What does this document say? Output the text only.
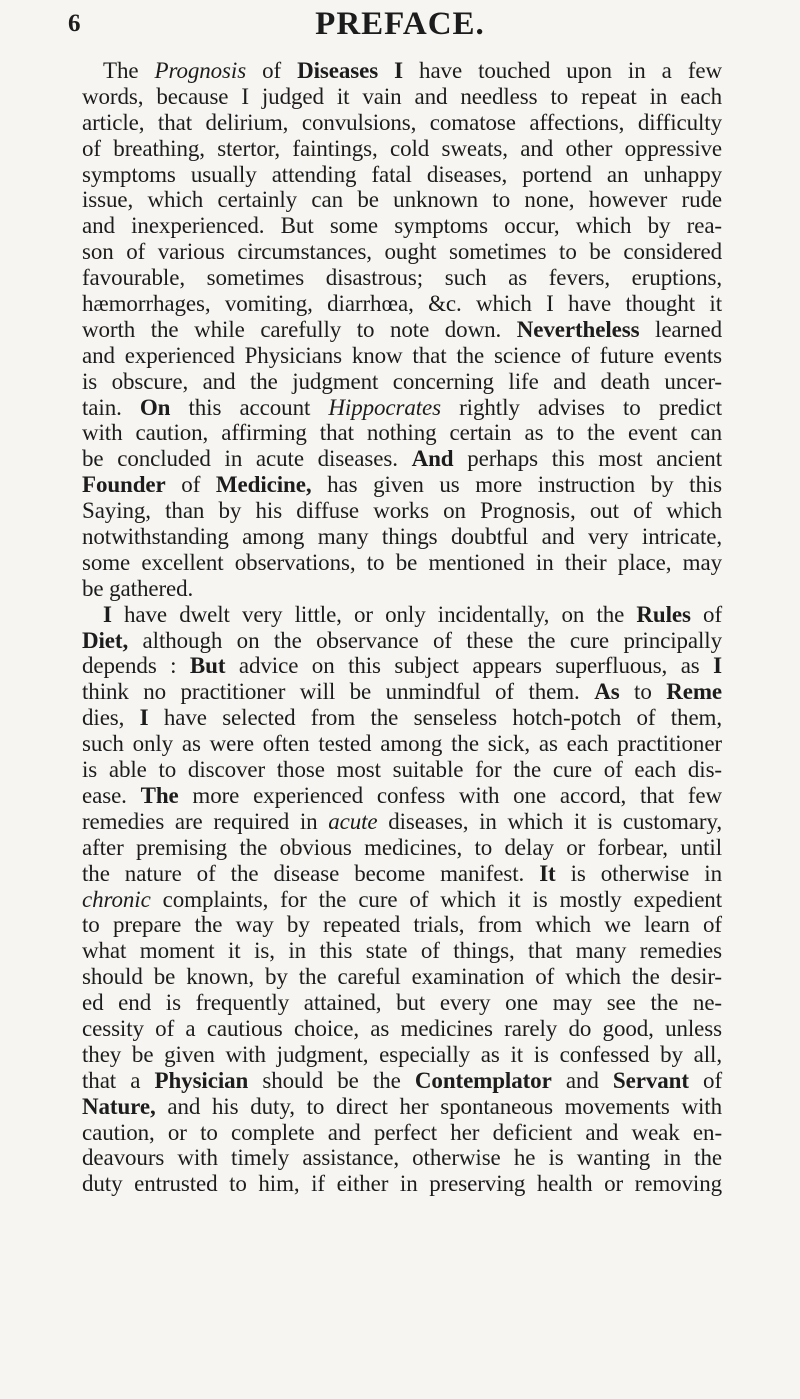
6	PREFACE.
The Prognosis of Diseases I have touched upon in a few
words, because I judged it vain and needless to repeat in each
article, that delirium, convulsions, comatose affections, difficulty
of breathing, stertor, faintings, cold sweats, and other oppressive
symptoms usually attending fatal diseases, portend an unhappy
issue, which certainly can be unknown to none, however rude
and inexperienced. But some symptoms occur, which by rea-
son of various circumstances, ought sometimes to be considered
favourable, sometimes disastrous; such as fevers, eruptions,
hæmorrhages, vomiting, diarrhœa, &c. which I have thought it
worth the while carefully to note down. Nevertheless learned
and experienced Physicians know that the science of future events
is obscure, and the judgment concerning life and death uncer-
tain. On this account Hippocrates rightly advises to predict
with caution, affirming that nothing certain as to the event can
be concluded in acute diseases. And perhaps this most ancient
Founder of Medicine, has given us more instruction by this
Saying, than by his diffuse works on Prognosis, out of which
notwithstanding among many things doubtful and very intricate,
some excellent observations, to be mentioned in their place, may
be gathered.
I have dwelt very little, or only incidentally, on the Rules of
Diet, although on the observance of these the cure principally
depends : But advice on this subject appears superfluous, as I
think no practitioner will be unmindful of them. As to Reme
dies, I have selected from the senseless hotch-potch of them,
such only as were often tested among the sick, as each practitioner
is able to discover those most suitable for the cure of each dis-
ease. The more experienced confess with one accord, that few
remedies are required in acute diseases, in which it is customary,
after premising the obvious medicines, to delay or forbear, until
the nature of the disease become manifest. It is otherwise in
chronic complaints, for the cure of which it is mostly expedient
to prepare the way by repeated trials, from which we learn of
what moment it is, in this state of things, that many remedies
should be known, by the careful examination of which the desir-
ed end is frequently attained, but every one may see the ne-
cessity of a cautious choice, as medicines rarely do good, unless
they be given with judgment, especially as it is confessed by all,
that a Physician should be the Contemplator and Servant of
Nature, and his duty, to direct her spontaneous movements with
caution, or to complete and perfect her deficient and weak en-
deavours with timely assistance, otherwise he is wanting in the
duty entrusted to him, if either in preserving health or removing
